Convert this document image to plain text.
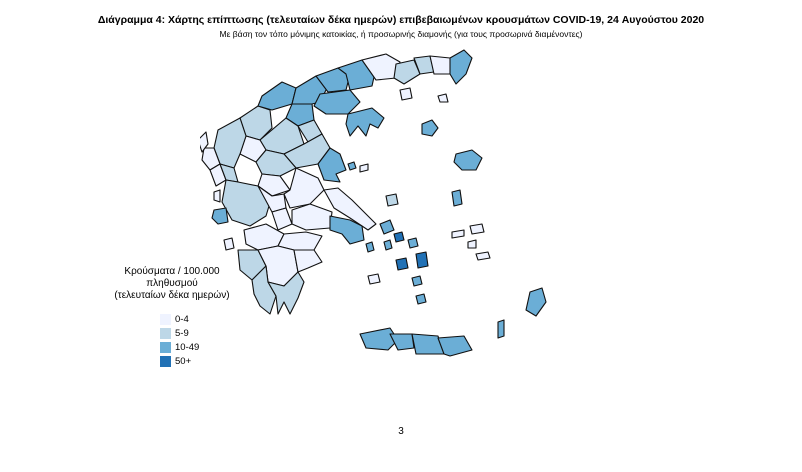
Διάγραμμα 4: Χάρτης επίπτωσης (τελευταίων δέκα ημερών) επιβεβαιωμένων κρουσμάτων COVID-19, 24 Αυγούστου 2020
Με βάση τον τόπο μόνιμης κατοικίας, ή προσωρινής διαμονής (για τους προσωρινά διαμένοντες)
Κρούσματα / 100.000 πληθυσμού
(τελευταίων δέκα ημερών)
0-4
5-9
10-49
50+
3
